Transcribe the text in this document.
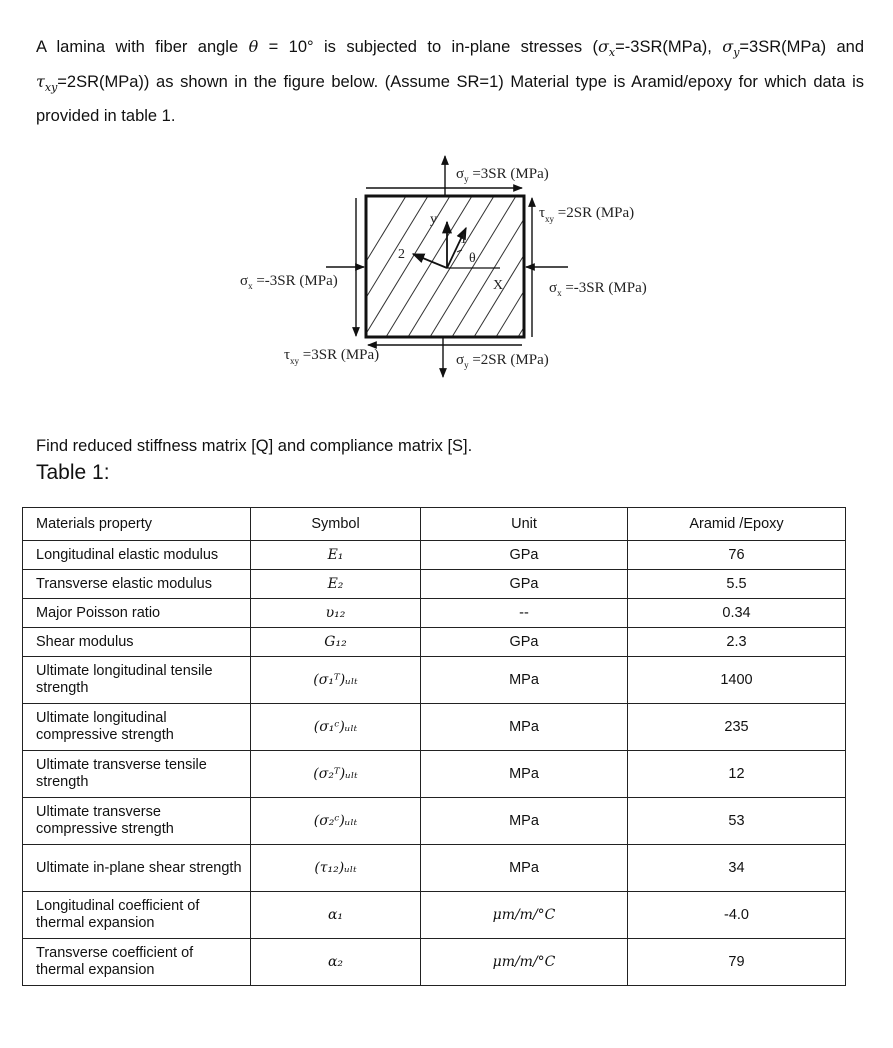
A lamina with fiber angle θ = 10° is subjected to in-plane stresses ($\sigma_x=-3SR(MPa)$, $\sigma_y=3SR(MPa)$ and $\tau_{xy}=2SR(MPa)$) as shown in the figure below. (Assume SR=1) Material type is Aramid/epoxy for which data is provided in table 1.

y
X
1
2	θ
$\sigma_y =3SR$ (MPa)
$\tau_{xy} =2SR$ (MPa)
$\sigma_x =-3SR$ (MPa)	$\sigma_x =-3SR$ (MPa)
$\tau_{xy} =3SR$ (MPa)	$\sigma_y =2SR$ (MPa)

Find reduced stiffness matrix [Q] and compliance matrix [S].

Table 1:

Materials property	Symbol	Unit	Aramid /Epoxy
Longitudinal elastic modulus	E₁	GPa	76
Transverse elastic modulus	E₂	GPa	5.5
Major Poisson ratio	υ₁₂	--	0.34
Shear modulus	G₁₂	GPa	2.3
Ultimate longitudinal tensile strength	(σ₁ᵀ)ᵤₗₜ	MPa	1400
Ultimate longitudinal compressive strength	(σ₁ᶜ)ᵤₗₜ	MPa	235
Ultimate transverse tensile strength	(σ₂ᵀ)ᵤₗₜ	MPa	12
Ultimate transverse compressive strength	(σ₂ᶜ)ᵤₗₜ	MPa	53
Ultimate in-plane shear strength	(τ₁₂)ᵤₗₜ	MPa	34
Longitudinal coefficient of thermal expansion	α₁	μm/m/°C	-4.0
Transverse coefficient of thermal expansion	α₂	μm/m/°C	79
